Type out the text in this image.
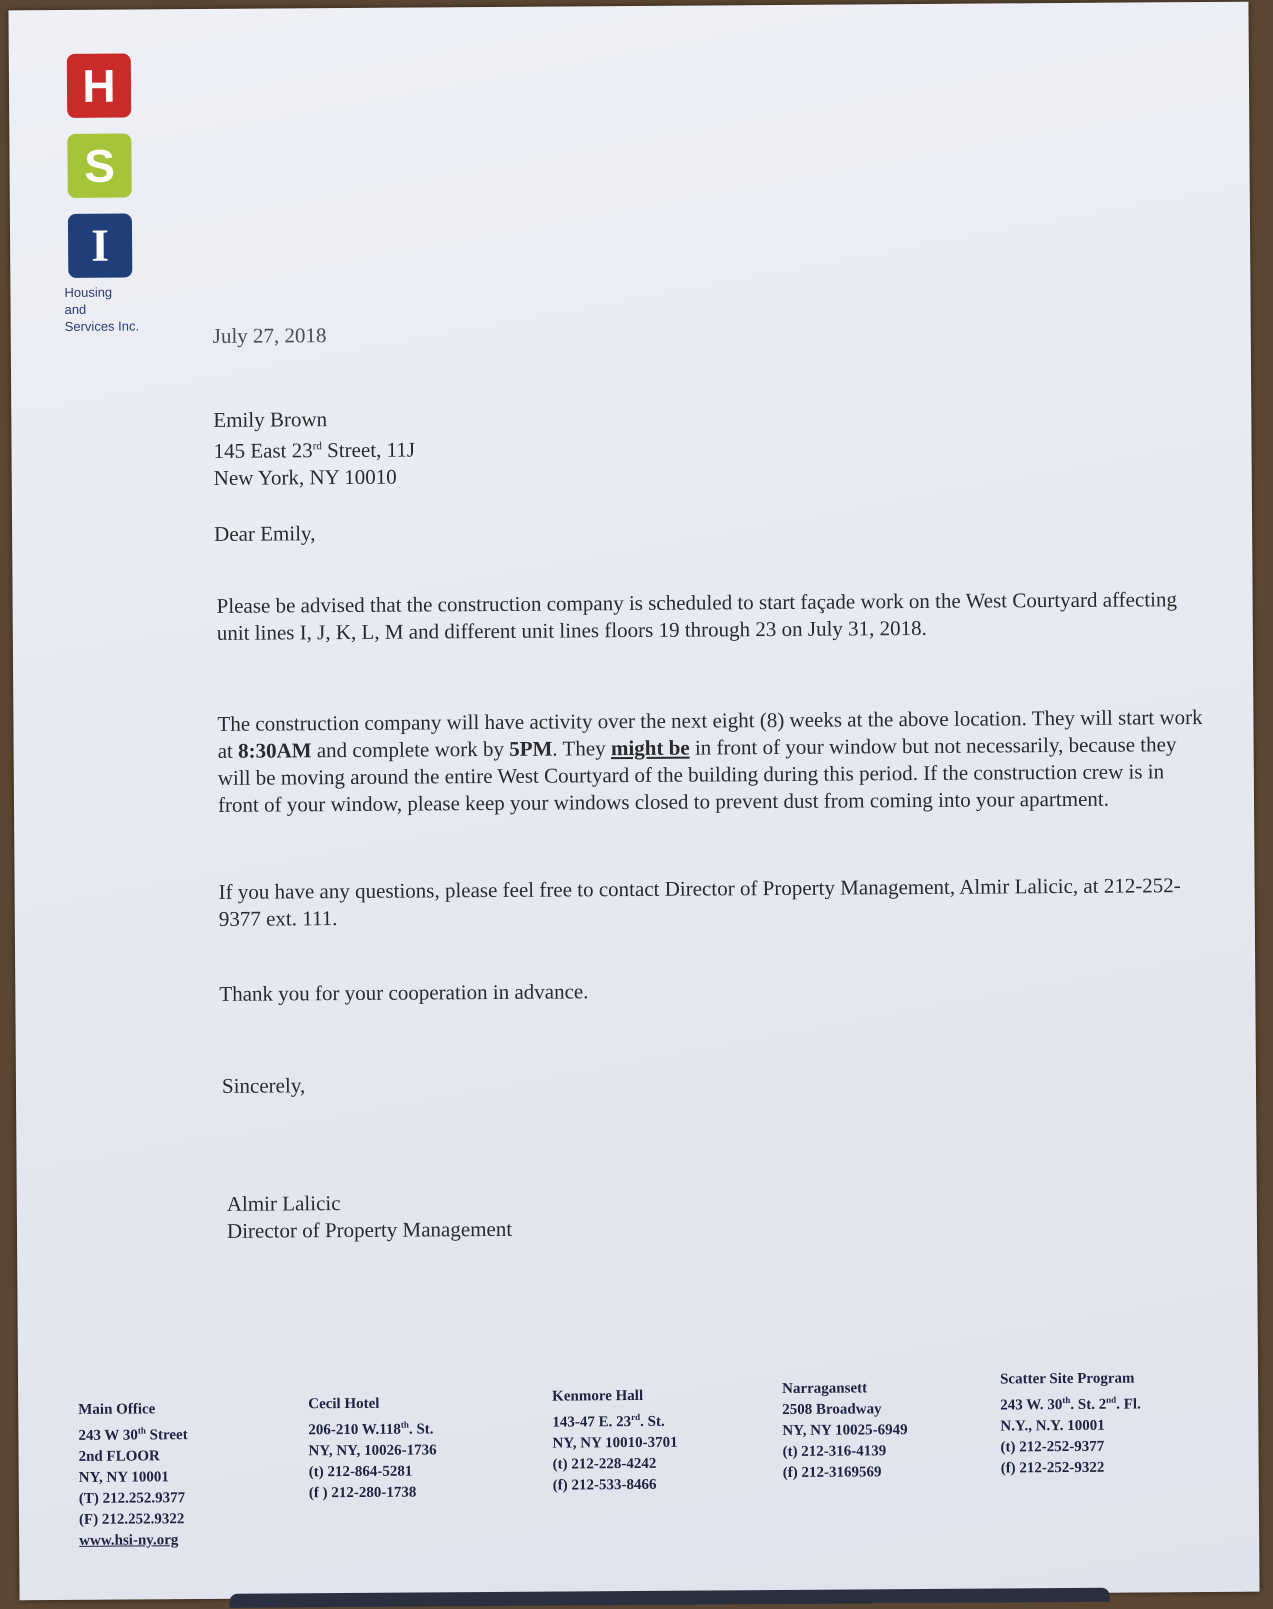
H
S
I
Housing
and
Services Inc.	July 27, 2018
Emily Brown
145 East 23rd Street, 11J
New York, NY 10010
Dear Emily,
Please be advised that the construction company is scheduled to start façade work on the West Courtyard affecting unit lines I, J, K, L, M and different unit lines floors 19 through 23 on July 31, 2018.
The construction company will have activity over the next eight (8) weeks at the above location. They will start work at 8:30AM and complete work by 5PM. They might be in front of your window but not necessarily, because they will be moving around the entire West Courtyard of the building during this period. If the construction crew is in front of your window, please keep your windows closed to prevent dust from coming into your apartment.
If you have any questions, please feel free to contact Director of Property Management, Almir Lalicic, at 212-252-9377 ext. 111.
Thank you for your cooperation in advance.
Sincerely,
Almir Lalicic
Director of Property Management
Main Office
243 W 30th Street
2nd FLOOR
NY, NY 10001
(T) 212.252.9377
(F) 212.252.9322
www.hsi-ny.org
Cecil Hotel
206-210 W.118th. St.
NY, NY, 10026-1736
(t) 212-864-5281
(f ) 212-280-1738
Kenmore Hall
143-47 E. 23rd. St.
NY, NY 10010-3701
(t) 212-228-4242
(f) 212-533-8466
Narragansett
2508 Broadway
NY, NY 10025-6949
(t) 212-316-4139
(f) 212-3169569
Scatter Site Program
243 W. 30th. St. 2nd. Fl.
N.Y., N.Y. 10001
(t) 212-252-9377
(f) 212-252-9322
